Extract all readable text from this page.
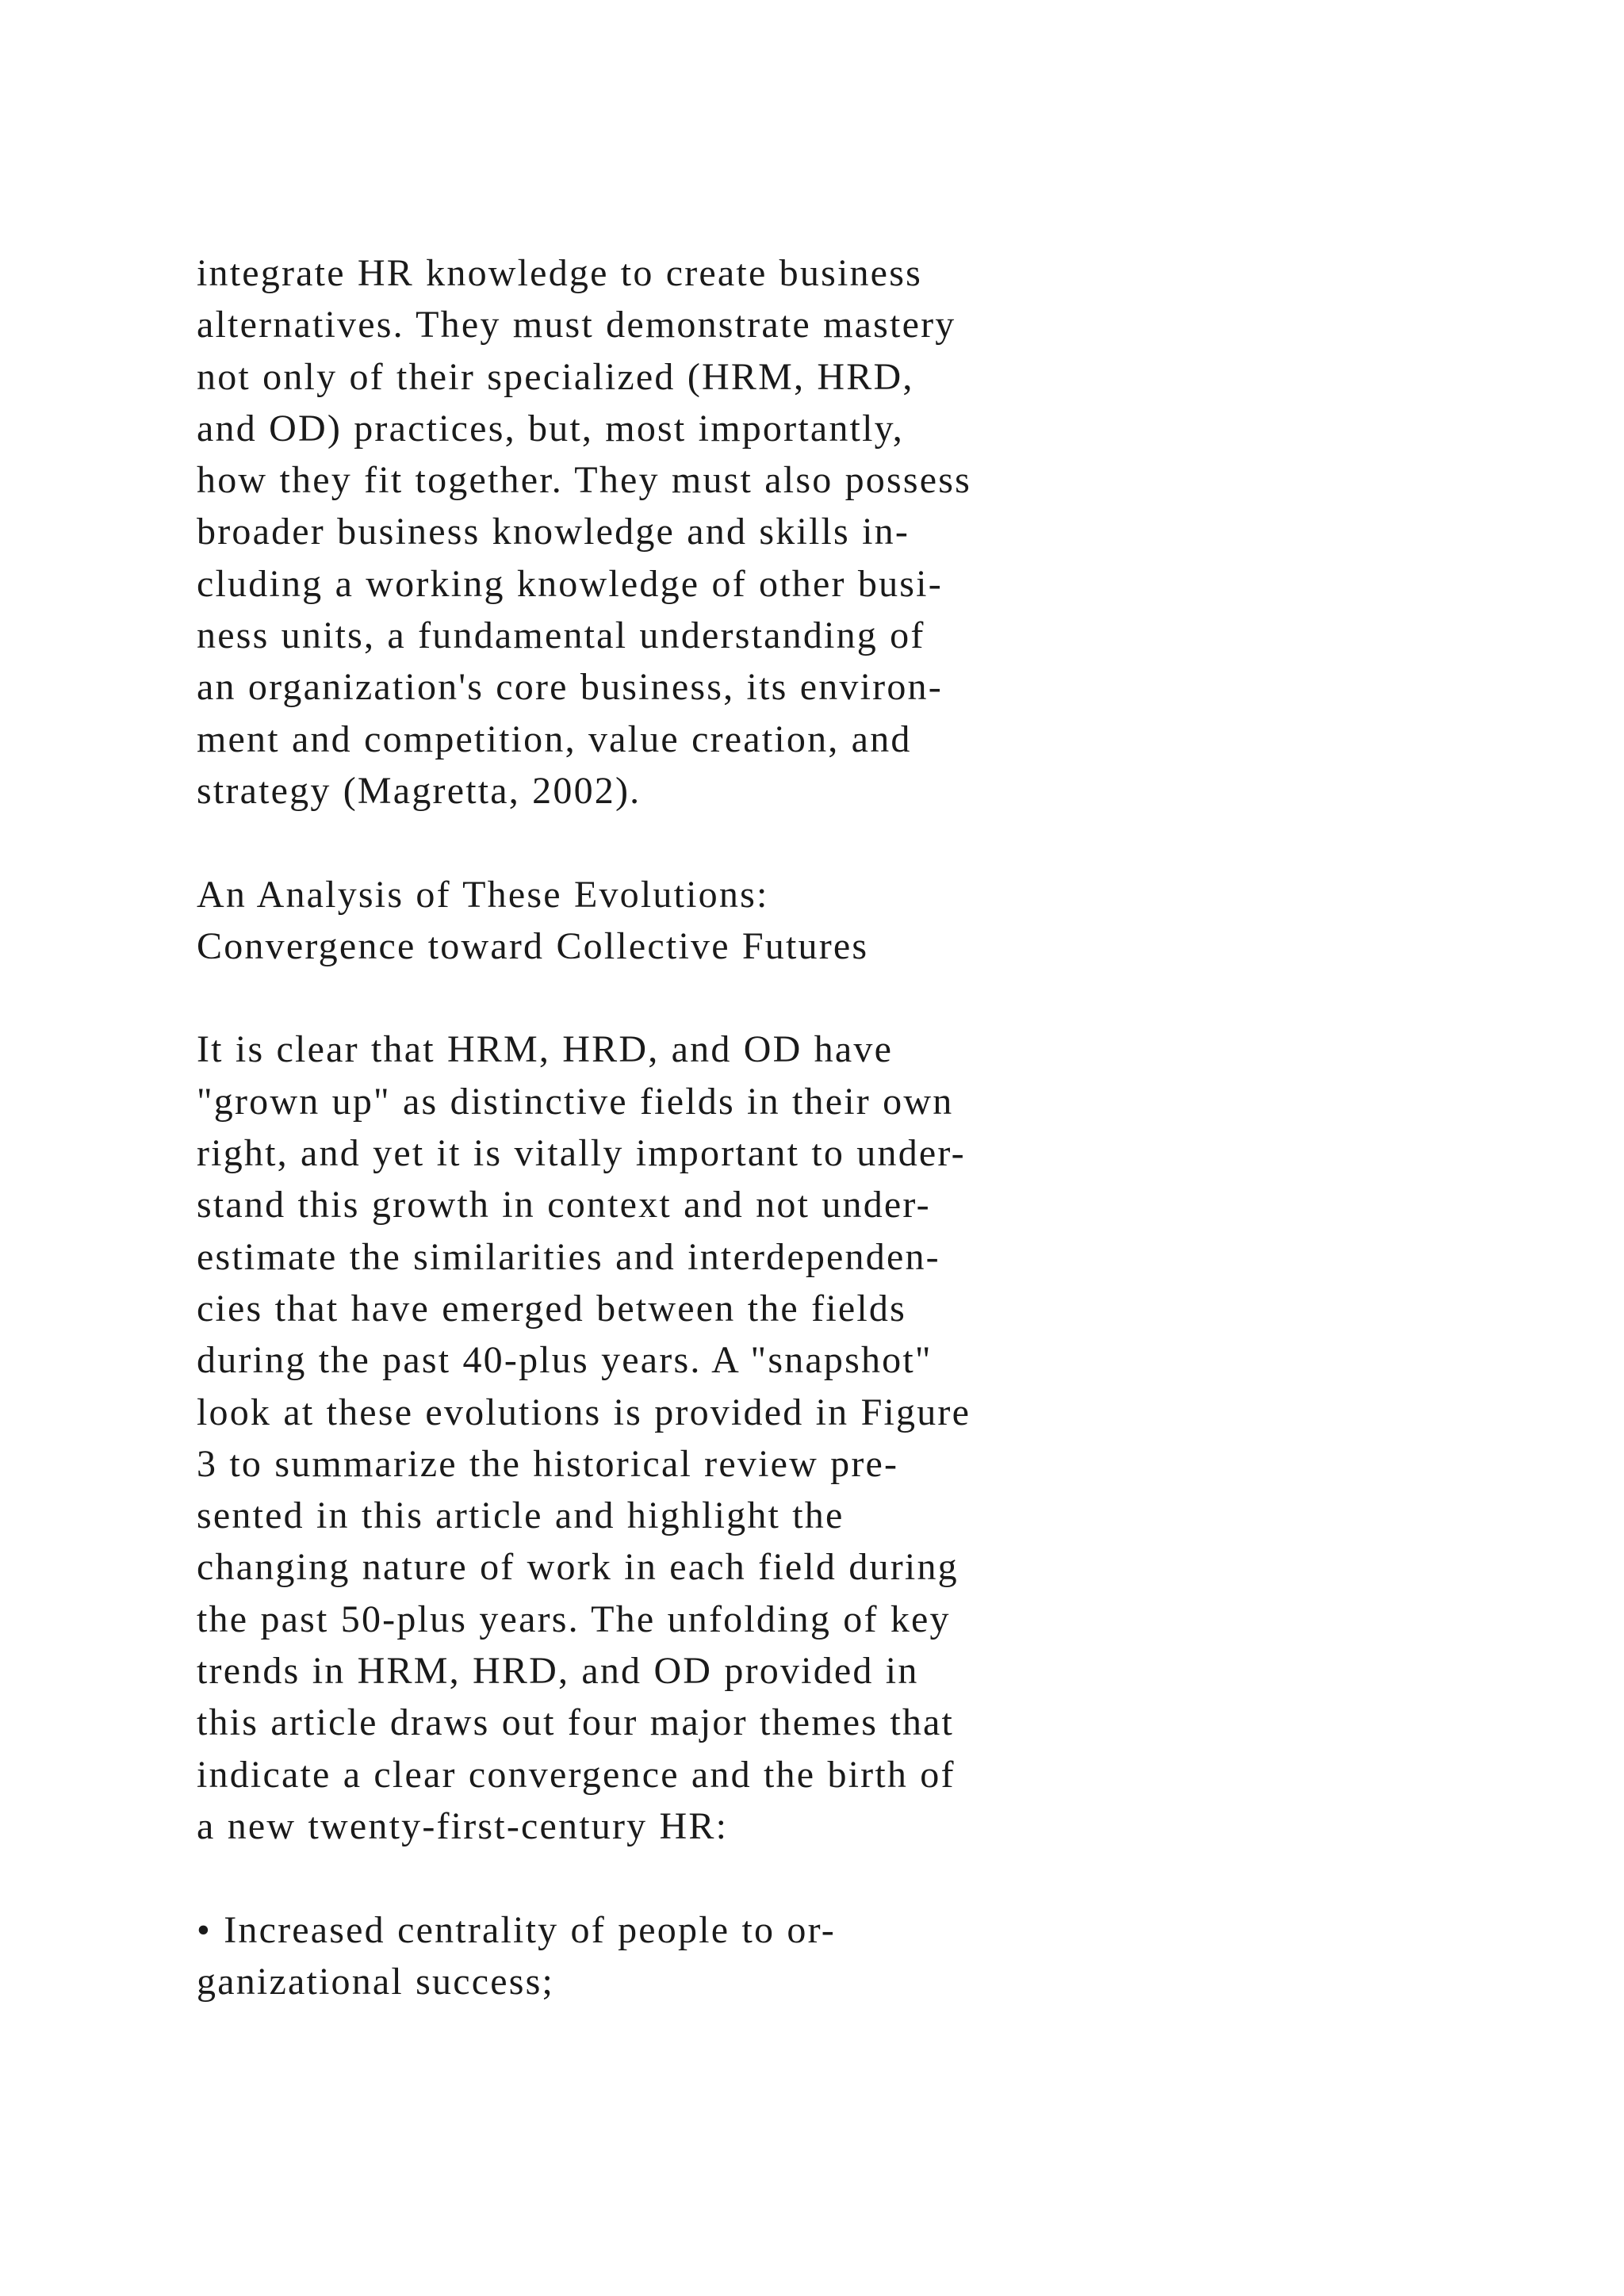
integrate HR knowledge to create business
alternatives. They must demonstrate mastery
not only of their specialized (HRM, HRD,
and OD) practices, but, most importantly,
how they fit together. They must also possess
broader business knowledge and skills in-
cluding a working knowledge of other busi-
ness units, a fundamental understanding of
an organization's core business, its environ-
ment and competition, value creation, and
strategy (Magretta, 2002).
An Analysis of These Evolutions:
Convergence toward Collective Futures
It is clear that HRM, HRD, and OD have
"grown up" as distinctive fields in their own
right, and yet it is vitally important to under-
stand this growth in context and not under-
estimate the similarities and interdependen-
cies that have emerged between the fields
during the past 40-plus years. A "snapshot"
look at these evolutions is provided in Figure
3 to summarize the historical review pre-
sented in this article and highlight the
changing nature of work in each field during
the past 50-plus years. The unfolding of key
trends in HRM, HRD, and OD provided in
this article draws out four major themes that
indicate a clear convergence and the birth of
a new twenty-first-century HR:
• Increased centrality of people to or-
ganizational success;
